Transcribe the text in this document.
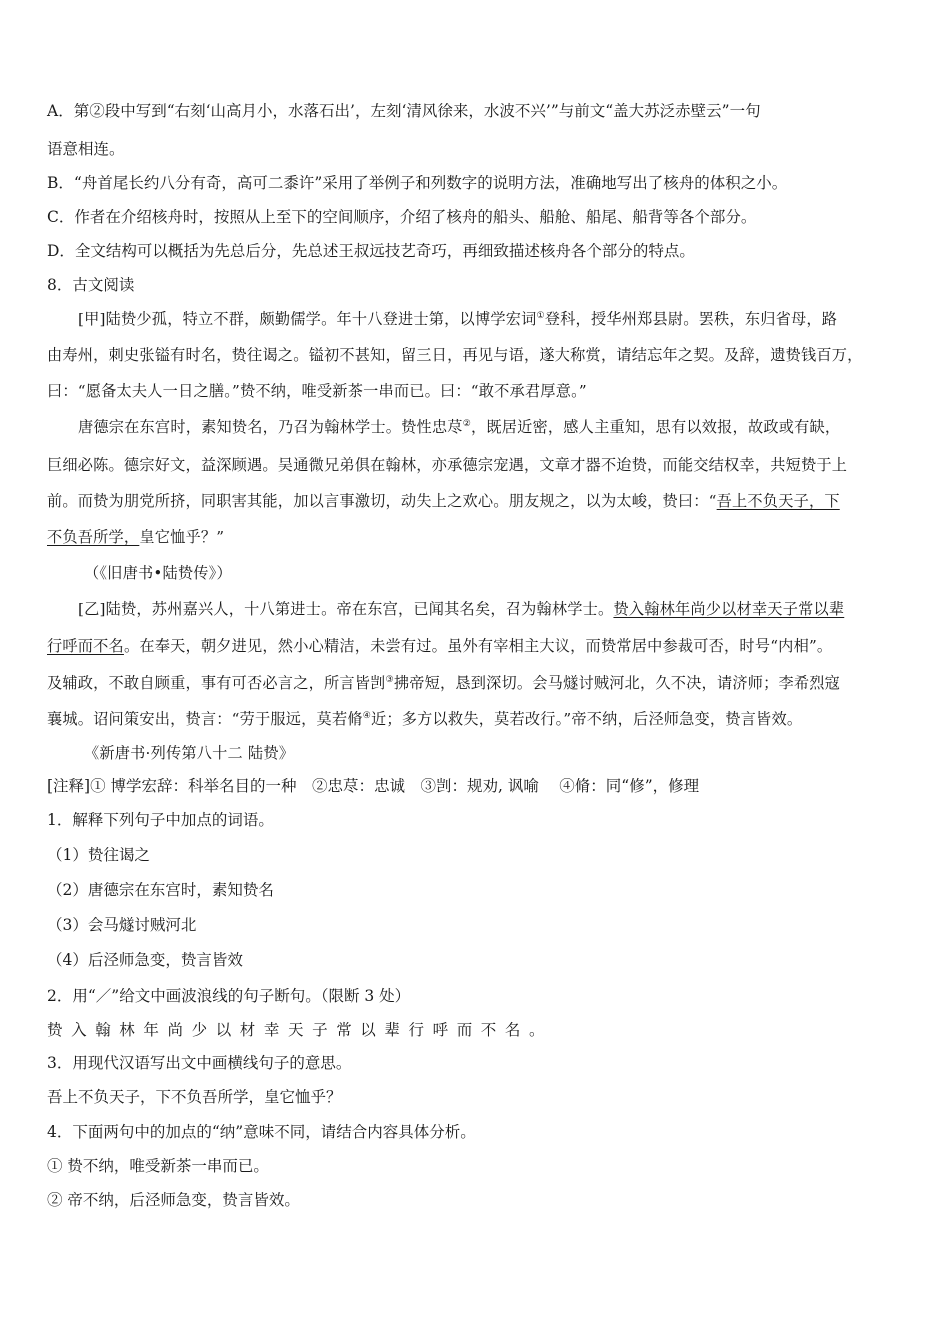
A．第②段中写到“右刻‘山高月小，水落石出’，左刻‘清风徐来，水波不兴’”与前文“盖大苏泛赤壁云”一句

语意相连。

B．“舟首尾长约八分有奇，高可二黍许”采用了举例子和列数字的说明方法，准确地写出了核舟的体积之小。

C．作者在介绍核舟时，按照从上至下的空间顺序，介绍了核舟的船头、船舱、船尾、船背等各个部分。

D．全文结构可以概括为先总后分，先总述王叔远技艺奇巧，再细致描述核舟各个部分的特点。

8．古文阅读

[甲]陆贽少孤，特立不群，颇勤儒学。年十八登进士第，以博学宏词①登科，授华州郑县尉。罢秩，东归省母，路

由寿州，刺史张镒有时名，贽往谒之。镒初不甚知，留三日，再见与语，遂大称赏，请结忘年之契。及辞，遗贽钱百万，

曰：“愿备太夫人一日之膳。”贽不纳，唯受新茶一串而已。曰：“敢不承君厚意。”

唐德宗在东宫时，素知贽名，乃召为翰林学士。贽性忠荩②，既居近密，感人主重知，思有以效报，故政或有缺，

巨细必陈。德宗好文，益深顾遇。吴通微兄弟俱在翰林，亦承德宗宠遇，文章才器不迨贽，而能交结权幸，共短贽于上

前。而贽为朋党所挤，同职害其能，加以言事激切，动失上之欢心。朋友规之，以为太峻，贽曰：“吾上不负天子，下

不负吾所学，皇它恤乎？”

（《旧唐书•陆贽传》）

[乙]陆贽，苏州嘉兴人，十八第进士。帝在东宫，已闻其名矣，召为翰林学士。贽入翰林年尚少以材幸天子常以辈

行呼而不名。在奉天，朝夕进见，然小心精洁，未尝有过。虽外有宰相主大议，而贽常居中参裁可否，时号“内相”。

及辅政，不敢自顾重，事有可否必言之，所言皆剀③拂帝短，恳到深切。会马燧讨贼河北，久不决，请济师；李希烈寇

襄城。诏问策安出，贽言：“劳于服远，莫若脩④近；多方以救失，莫若改行。”帝不纳，后泾师急变，贽言皆效。

《新唐书·列传第八十二 陆贽》

[注释]① 博学宏辞：科举名目的一种　②忠荩：忠诚　③剀：规劝, 讽喻　 ④脩：同“修”，修理

1．解释下列句子中加点的词语。

（1）贽往谒之

（2）唐德宗在东宫时，素知贽名

（3）会马燧讨贼河北

（4）后泾师急变，贽言皆效

2．用“／”给文中画波浪线的句子断句。（限断 3 处）

贽入翰林年尚少以材幸天子常以辈行呼而不名。

3．用现代汉语写出文中画横线句子的意思。

吾上不负天子，下不负吾所学，皇它恤乎？

4．下面两句中的加点的“纳”意味不同，请结合内容具体分析。

① 贽不纳，唯受新茶一串而已。

② 帝不纳，后泾师急变，贽言皆效。
